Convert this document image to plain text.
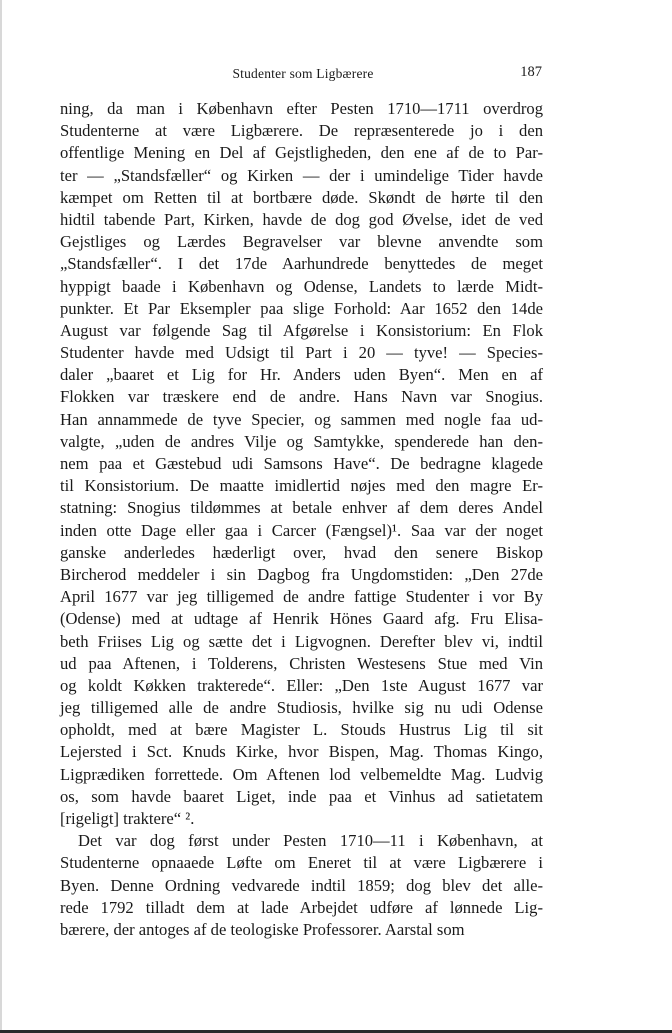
Studenter som Ligbærere	187
ning, da man i København efter Pesten 1710—1711 overdrog
Studenterne at være Ligbærere. De repræsenterede jo i den
offentlige Mening en Del af Gejstligheden, den ene af de to Par-
ter — „Standsfæller“ og Kirken — der i umindelige Tider havde
kæmpet om Retten til at bortbære døde. Skøndt de hørte til den
hidtil tabende Part, Kirken, havde de dog god Øvelse, idet de ved
Gejstliges og Lærdes Begravelser var blevne anvendte som
„Standsfæller“. I det 17de Aarhundrede benyttedes de meget
hyppigt baade i København og Odense, Landets to lærde Midt-
punkter. Et Par Eksempler paa slige Forhold: Aar 1652 den 14de
August var følgende Sag til Afgørelse i Konsistorium: En Flok
Studenter havde med Udsigt til Part i 20 — tyve! — Species-
daler „baaret et Lig for Hr. Anders uden Byen“. Men en af
Flokken var træskere end de andre. Hans Navn var Snogius.
Han annammede de tyve Specier, og sammen med nogle faa ud-
valgte, „uden de andres Vilje og Samtykke, spenderede han den-
nem paa et Gæstebud udi Samsons Have“. De bedragne klagede
til Konsistorium. De maatte imidlertid nøjes med den magre Er-
statning: Snogius tildømmes at betale enhver af dem deres Andel
inden otte Dage eller gaa i Carcer (Fængsel)¹. Saa var der noget
ganske anderledes hæderligt over, hvad den senere Biskop
Bircherod meddeler i sin Dagbog fra Ungdomstiden: „Den 27de
April 1677 var jeg tilligemed de andre fattige Studenter i vor By
(Odense) med at udtage af Henrik Hönes Gaard afg. Fru Elisa-
beth Friises Lig og sætte det i Ligvognen. Derefter blev vi, indtil
ud paa Aftenen, i Tolderens, Christen Westesens Stue med Vin
og koldt Køkken trakterede“. Eller: „Den 1ste August 1677 var
jeg tilligemed alle de andre Studiosis, hvilke sig nu udi Odense
opholdt, med at bære Magister L. Stouds Hustrus Lig til sit
Lejersted i Sct. Knuds Kirke, hvor Bispen, Mag. Thomas Kingo,
Ligprædiken forrettede. Om Aftenen lod velbemeldte Mag. Ludvig
os, som havde baaret Liget, inde paa et Vinhus ad satietatem
[rigeligt] traktere“ ².
Det var dog først under Pesten 1710—11 i København, at
Studenterne opnaaede Løfte om Eneret til at være Ligbærere i
Byen. Denne Ordning vedvarede indtil 1859; dog blev det alle-
rede 1792 tilladt dem at lade Arbejdet udføre af lønnede Lig-
bærere, der antoges af de teologiske Professorer. Aarstal som
